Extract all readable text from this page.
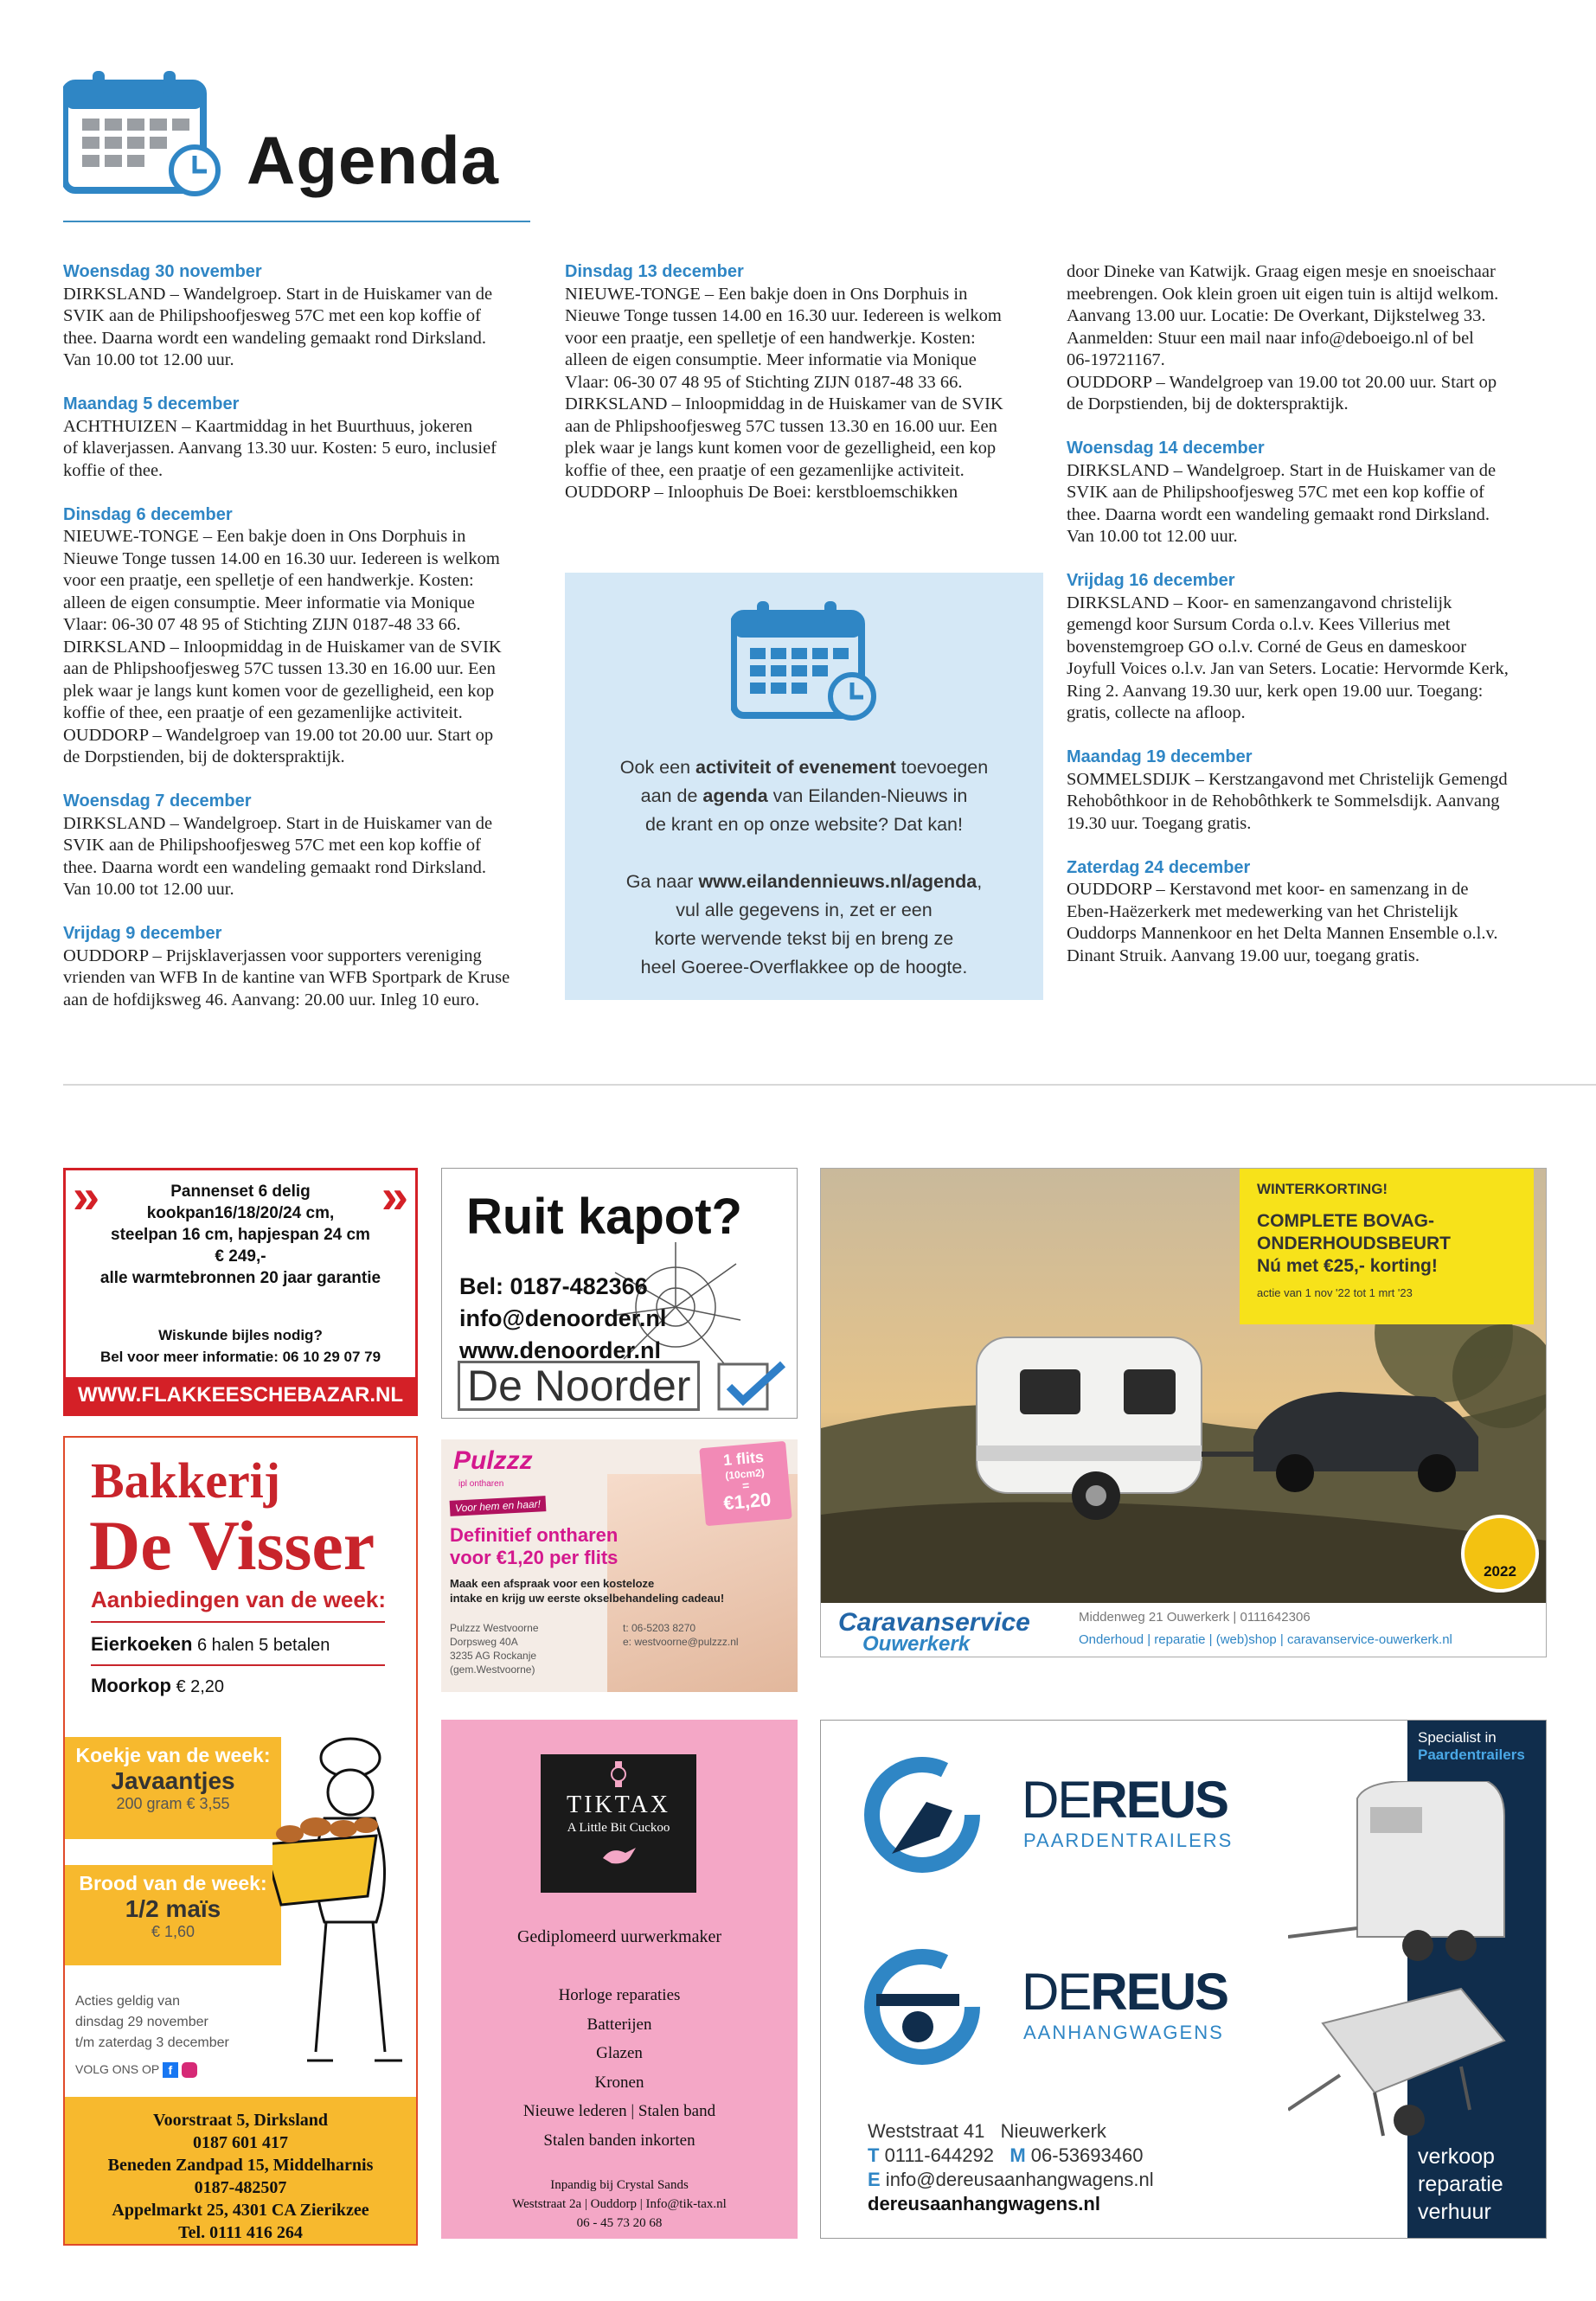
Agenda
Woensdag 30 november

DIRKSLAND – Wandelgroep. Start in de Huiskamer van de
SVIK aan de Philipshoofjesweg 57C met een kop koffie of
thee. Daarna wordt een wandeling gemaakt rond Dirksland.
Van 10.00 tot 12.00 uur.

Maandag 5 december

ACHTHUIZEN – Kaartmiddag in het Buurthuus, jokeren
of klaverjassen. Aanvang 13.30 uur. Kosten: 5 euro, inclusief
koffie of thee.

Dinsdag 6 december

NIEUWE-TONGE – Een bakje doen in Ons Dorphuis in
Nieuwe Tonge tussen 14.00 en 16.30 uur. Iedereen is welkom
voor een praatje, een spelletje of een handwerkje. Kosten:
alleen de eigen consumptie. Meer informatie via Monique
Vlaar: 06-30 07 48 95 of Stichting ZIJN 0187-48 33 66.
DIRKSLAND – Inloopmiddag in de Huiskamer van de SVIK
aan de Phlipshoofjesweg 57C tussen 13.30 en 16.00 uur. Een
plek waar je langs kunt komen voor de gezelligheid, een kop
koffie of thee, een praatje of een gezamenlijke activiteit.
OUDDORP – Wandelgroep van 19.00 tot 20.00 uur. Start op
de Dorpstienden, bij de dokterspraktijk.

Woensdag 7 december

DIRKSLAND – Wandelgroep. Start in de Huiskamer van de
SVIK aan de Philipshoofjesweg 57C met een kop koffie of
thee. Daarna wordt een wandeling gemaakt rond Dirksland.
Van 10.00 tot 12.00 uur.

Vrijdag 9 december

OUDDORP – Prijsklaverjassen voor supporters vereniging
vrienden van WFB In de kantine van WFB Sportpark de Kruse
aan de hofdijksweg 46. Aanvang: 20.00 uur. Inleg 10 euro.

Dinsdag 13 december

NIEUWE-TONGE – Een bakje doen in Ons Dorphuis in
Nieuwe Tonge tussen 14.00 en 16.30 uur. Iedereen is welkom
voor een praatje, een spelletje of een handwerkje. Kosten:
alleen de eigen consumptie. Meer informatie via Monique
Vlaar: 06-30 07 48 95 of Stichting ZIJN 0187-48 33 66.
DIRKSLAND – Inloopmiddag in de Huiskamer van de SVIK
aan de Phlipshoofjesweg 57C tussen 13.30 en 16.00 uur. Een
plek waar je langs kunt komen voor de gezelligheid, een kop
koffie of thee, een praatje of een gezamenlijke activiteit.
OUDDORP – Inloophuis De Boei: kerstbloemschikken

Ook een activiteit of evenement toevoegen
aan de agenda van Eilanden-Nieuws in
de krant en op onze website? Dat kan!

Ga naar www.eilandennieuws.nl/agenda,
vul alle gegevens in, zet er een
korte wervende tekst bij en breng ze
heel Goeree-Overflakkee op de hoogte.

door Dineke van Katwijk. Graag eigen mesje en snoeischaar
meebrengen. Ook klein groen uit eigen tuin is altijd welkom.
Aanvang 13.00 uur. Locatie: De Overkant, Dijkstelweg 33.
Aanmelden: Stuur een mail naar info@deboeigo.nl of bel
06-19721167.
OUDDORP – Wandelgroep van 19.00 tot 20.00 uur. Start op
de Dorpstienden, bij de dokterspraktijk.

Woensdag 14 december

DIRKSLAND – Wandelgroep. Start in de Huiskamer van de
SVIK aan de Philipshoofjesweg 57C met een kop koffie of
thee. Daarna wordt een wandeling gemaakt rond Dirksland.
Van 10.00 tot 12.00 uur.

Vrijdag 16 december

DIRKSLAND – Koor- en samenzangavond christelijk
gemengd koor Sursum Corda o.l.v. Kees Villerius met
bovenstemgroep GO o.l.v. Corné de Geus en dameskoor
Joyfull Voices o.l.v. Jan van Seters. Locatie: Hervormde Kerk,
Ring 2. Aanvang 19.30 uur, kerk open 19.00 uur. Toegang:
gratis, collecte na afloop.

Maandag 19 december

SOMMELSDIJK – Kerstzangavond met Christelijk Gemengd
Rehobôthkoor in de Rehobôthkerk te Sommelsdijk. Aanvang
19.30 uur. Toegang gratis.

Zaterdag 24 december

OUDDORP – Kerstavond met koor- en samenzang in de
Eben-Haëzerkerk met medewerking van het Christelijk
Ouddorps Mannenkoor en het Delta Mannen Ensemble o.l.v.
Dinant Struik. Aanvang 19.00 uur, toegang gratis.

»	»
Pannenset 6 delig
kookpan16/18/20/24 cm,
steelpan 16 cm, hapjespan 24 cm
€ 249,-
alle warmtebronnen 20 jaar garantie
Wiskunde bijles nodig?
Bel voor meer informatie: 06 10 29 07 79
WWW.FLAKKEESCHEBAZAR.NL
Ruit kapot?
Bel: 0187-482366
info@denoorder.nl
www.denoorder.nl
De Noorder
WINTERKORTING!
COMPLETE BOVAG-
ONDERHOUDSBEURT
Nú met €25,- korting!
actie van 1 nov '22 tot 1 mrt '23
2022
Caravanservice
Ouwerkerk
Middenweg 21 Ouwerkerk | 0111642306
Onderhoud | reparatie | (web)shop | caravanservice-ouwerkerk.nl
Pulzzz
ipl ontharen
Voor hem en haar!
1 flits
(10cm2)
=
€1,20
Definitief ontharen
voor €1,20 per flits
Maak een afspraak voor een kosteloze
intake en krijg uw eerste okselbehandeling cadeau!
Pulzzz Westvoorne
Dorpsweg 40A
3235 AG Rockanje
(gem.Westvoorne)
t: 06-5203 8270
e: westvoorne@pulzzz.nl
Bakkerij
De Visser
Aanbiedingen van de week:
Eierkoeken 6 halen 5 betalen
Moorkop € 2,20
Koekje van de week:
Javaantjes
200 gram € 3,55
Brood van de week:
1/2 maïs
€ 1,60
Acties geldig van
dinsdag 29 november
t/m zaterdag 3 december
VOLG ONS OP f
Voorstraat 5, Dirksland
0187 601 417
Beneden Zandpad 15, Middelharnis
0187-482507
Appelmarkt 25, 4301 CA Zierikzee
Tel. 0111 416 264
TIKTAX
A Little Bit Cuckoo
Gediplomeerd uurwerkmaker
Horloge reparaties
Batterijen
Glazen
Kronen
Nieuwe lederen | Stalen band
Stalen banden inkorten
Inpandig bij Crystal Sands
Weststraat 2a | Ouddorp | Info@tik-tax.nl
06 - 45 73 20 68
DEREUS
PAARDENTRAILERS
DEREUS
AANHANGWAGENS
Weststraat 41   Nieuwerkerk
T 0111-644292   M 06-53693460
E info@dereusaanhangwagens.nl
dereusaanhangwagens.nl
Specialist in
Paardentrailers
verkoop
reparatie
verhuur
